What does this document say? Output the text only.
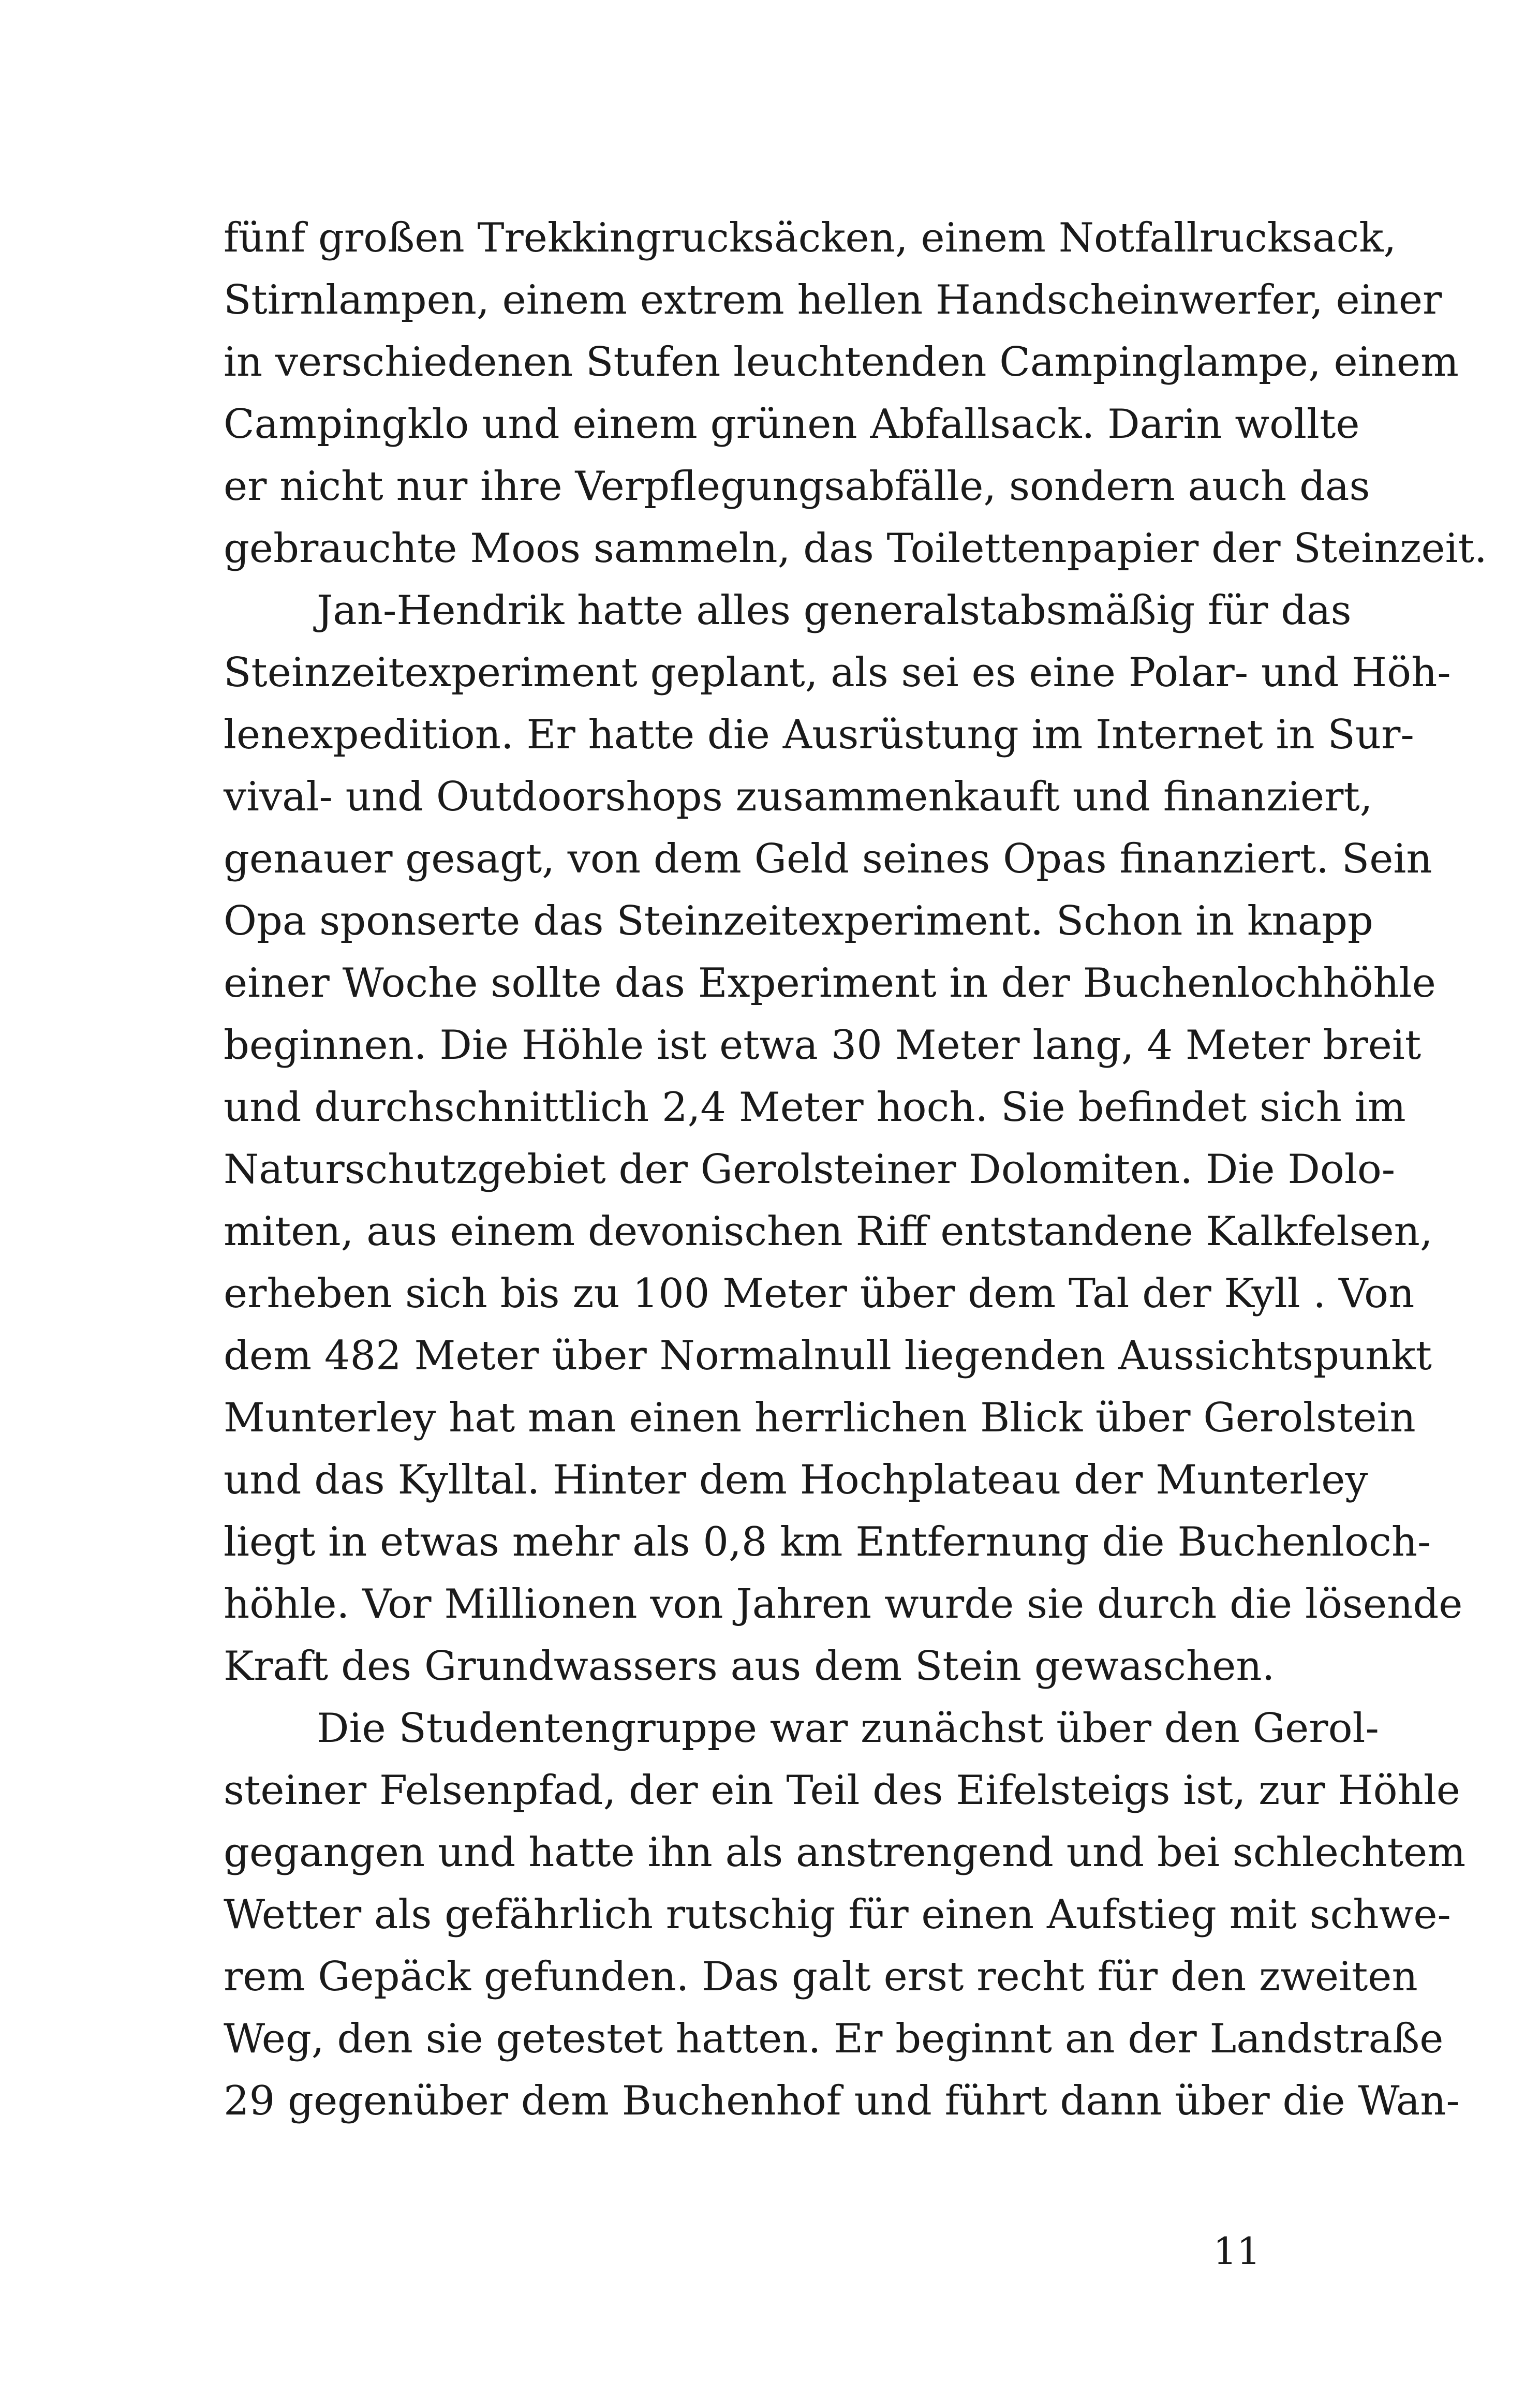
fünf großen Trekkingrucksäcken, einem Notfallrucksack,
Stirnlampen, einem extrem hellen Handscheinwerfer, einer
in verschiedenen Stufen leuchtenden Campinglampe, einem
Campingklo und einem grünen Abfallsack. Darin wollte
er nicht nur ihre Verpflegungsabfälle, sondern auch das
gebrauchte Moos sammeln, das Toilettenpapier der Steinzeit.
Jan-Hendrik hatte alles generalstabsmäßig für das
Steinzeitexperiment geplant, als sei es eine Polar- und Höh-
lenexpedition. Er hatte die Ausrüstung im Internet in Sur-
vival- und Outdoorshops zusammenkauft und finanziert,
genauer gesagt, von dem Geld seines Opas finanziert. Sein
Opa sponserte das Steinzeitexperiment. Schon in knapp
einer Woche sollte das Experiment in der Buchenlochhöhle
beginnen. Die Höhle ist etwa 30 Meter lang, 4 Meter breit
und durchschnittlich 2,4 Meter hoch. Sie befindet sich im
Naturschutzgebiet der Gerolsteiner Dolomiten. Die Dolo-
miten, aus einem devonischen Riff entstandene Kalkfelsen,
erheben sich bis zu 100 Meter über dem Tal der Kyll . Von
dem 482 Meter über Normalnull liegenden Aussichtspunkt
Munterley hat man einen herrlichen Blick über Gerolstein
und das Kylltal. Hinter dem Hochplateau der Munterley
liegt in etwas mehr als 0,8 km Entfernung die Buchenloch-
höhle. Vor Millionen von Jahren wurde sie durch die lösende
Kraft des Grundwassers aus dem Stein gewaschen.
Die Studentengruppe war zunächst über den Gerol-
steiner Felsenpfad, der ein Teil des Eifelsteigs ist, zur Höhle
gegangen und hatte ihn als anstrengend und bei schlechtem
Wetter als gefährlich rutschig für einen Aufstieg mit schwe-
rem Gepäck gefunden. Das galt erst recht für den zweiten
Weg, den sie getestet hatten. Er beginnt an der Landstraße
29 gegenüber dem Buchenhof und führt dann über die Wan-
11
